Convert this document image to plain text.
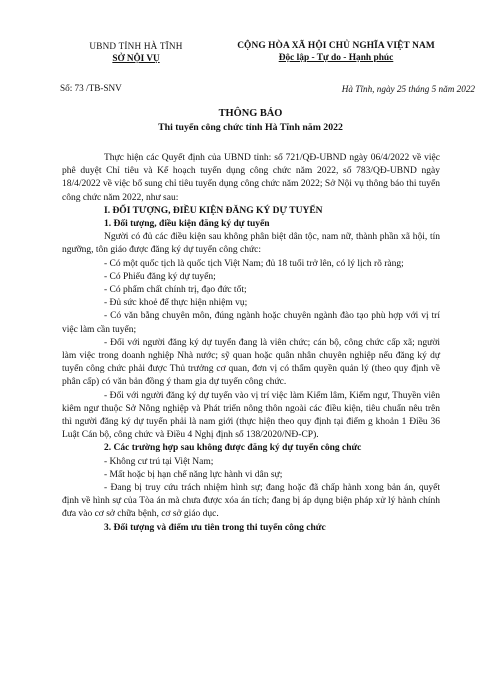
UBND TỈNH HÀ TĨNH
SỞ NỘI VỤ
CỘNG HÒA XÃ HỘI CHỦ NGHĨA VIỆT NAM
Độc lập - Tự do - Hạnh phúc
Số: 73 /TB-SNV	Hà Tĩnh, ngày 25 tháng 5 năm 2022
THÔNG BÁO
Thi tuyển công chức tỉnh Hà Tĩnh năm 2022

Thực hiện các Quyết định của UBND tỉnh: số 721/QĐ-UBND ngày 06/4/2022 về việc phê duyệt Chỉ tiêu và Kế hoạch tuyển dụng công chức năm 2022, số 783/QĐ-UBND ngày 18/4/2022 về việc bổ sung chỉ tiêu tuyển dụng công chức năm 2022; Sở Nội vụ thông báo thi tuyển công chức năm 2022, như sau:

I. ĐỐI TƯỢNG, ĐIỀU KIỆN ĐĂNG KÝ DỰ TUYỂN

1. Đối tượng, điều kiện đăng ký dự tuyển

Người có đủ các điều kiện sau không phân biệt dân tộc, nam nữ, thành phần xã hội, tín ngưỡng, tôn giáo được đăng ký dự tuyển công chức:

- Có một quốc tịch là quốc tịch Việt Nam; đủ 18 tuổi trở lên, có lý lịch rõ ràng;

- Có Phiếu đăng ký dự tuyển;

- Có phẩm chất chính trị, đạo đức tốt;

- Đủ sức khoẻ để thực hiện nhiệm vụ;

- Có văn bằng chuyên môn, đúng ngành hoặc chuyên ngành đào tạo phù hợp với vị trí việc làm cần tuyển;

- Đối với người đăng ký dự tuyển đang là viên chức; cán bộ, công chức cấp xã; người làm việc trong doanh nghiệp Nhà nước; sỹ quan hoặc quân nhân chuyên nghiệp nếu đăng ký dự tuyển công chức phải được Thủ trưởng cơ quan, đơn vị có thẩm quyền quản lý (theo quy định về phân cấp) có văn bản đồng ý tham gia dự tuyển công chức.

- Đối với người đăng ký dự tuyển vào vị trí việc làm Kiểm lâm, Kiểm ngư, Thuyền viên kiêm ngư thuộc Sở Nông nghiệp và Phát triển nông thôn ngoài các điều kiện, tiêu chuẩn nêu trên thì người đăng ký dự tuyển phải là nam giới (thực hiện theo quy định tại điểm g khoản 1 Điều 36 Luật Cán bộ, công chức và Điều 4 Nghị định số 138/2020/NĐ-CP).

2. Các trường hợp sau không được đăng ký dự tuyển công chức

- Không cư trú tại Việt Nam;

- Mất hoặc bị hạn chế năng lực hành vi dân sự;

- Đang bị truy cứu trách nhiệm hình sự; đang hoặc đã chấp hành xong bản án, quyết định về hình sự của Tòa án mà chưa được xóa án tích; đang bị áp dụng biện pháp xử lý hành chính đưa vào cơ sở chữa bệnh, cơ sở giáo dục.

3. Đối tượng và điểm ưu tiên trong thi tuyển công chức
